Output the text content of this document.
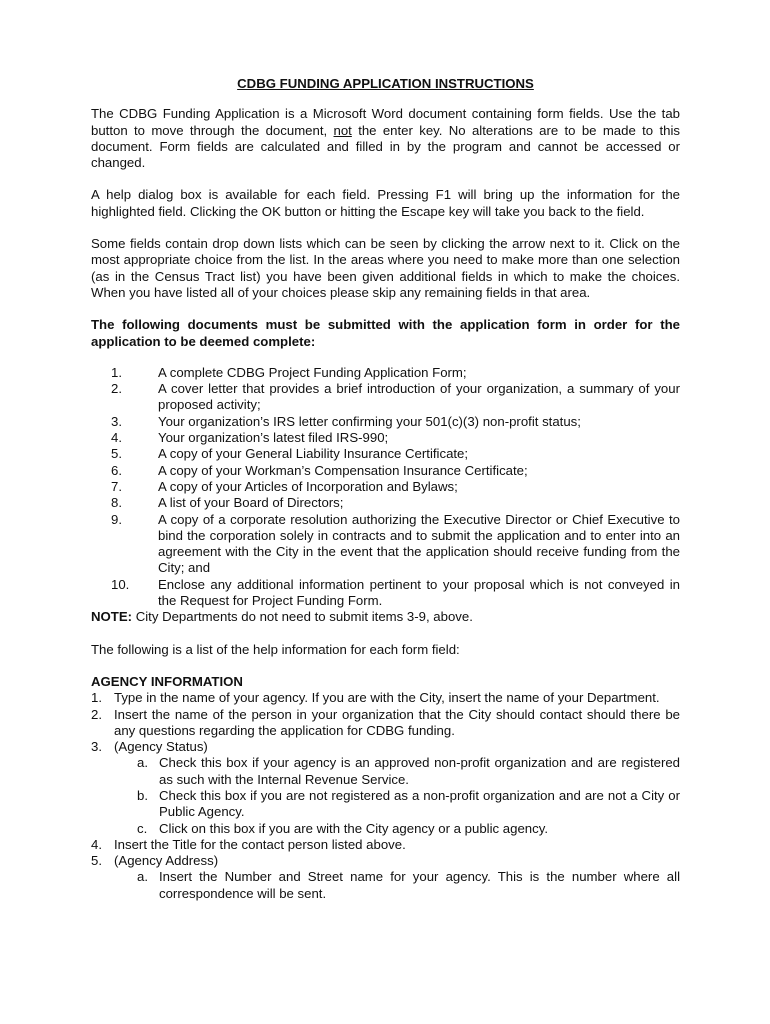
CDBG FUNDING APPLICATION INSTRUCTIONS

The CDBG Funding Application is a Microsoft Word document containing form fields. Use the tab button to move through the document, not the enter key. No alterations are to be made to this document. Form fields are calculated and filled in by the program and cannot be accessed or changed.

A help dialog box is available for each field. Pressing F1 will bring up the information for the highlighted field. Clicking the OK button or hitting the Escape key will take you back to the field.

Some fields contain drop down lists which can be seen by clicking the arrow next to it. Click on the most appropriate choice from the list. In the areas where you need to make more than one selection (as in the Census Tract list) you have been given additional fields in which to make the choices. When you have listed all of your choices please skip any remaining fields in that area.

The following documents must be submitted with the application form in order for the application to be deemed complete:

1.	A complete CDBG Project Funding Application Form;
2.	A cover letter that provides a brief introduction of your organization, a summary of your proposed activity;
3.	Your organization’s IRS letter confirming your 501(c)(3) non-profit status;
4.	Your organization’s latest filed IRS-990;
5.	A copy of your General Liability Insurance Certificate;
6.	A copy of your Workman’s Compensation Insurance Certificate;
7.	A copy of your Articles of Incorporation and Bylaws;
8.	A list of your Board of Directors;
9.	A copy of a corporate resolution authorizing the Executive Director or Chief Executive to bind the corporation solely in contracts and to submit the application and to enter into an agreement with the City in the event that the application should receive funding from the City; and
10.	Enclose any additional information pertinent to your proposal which is not conveyed in the Request for Project Funding Form.

NOTE: City Departments do not need to submit items 3-9, above.

The following is a list of the help information for each form field:

AGENCY INFORMATION
1. Type in the name of your agency. If you are with the City, insert the name of your Department.
2. Insert the name of the person in your organization that the City should contact should there be any questions regarding the application for CDBG funding.
3. (Agency Status)
a. Check this box if your agency is an approved non-profit organization and are registered as such with the Internal Revenue Service.
b. Check this box if you are not registered as a non-profit organization and are not a City or Public Agency.
c. Click on this box if you are with the City agency or a public agency.
4. Insert the Title for the contact person listed above.
5. (Agency Address)
a. Insert the Number and Street name for your agency. This is the number where all correspondence will be sent.
